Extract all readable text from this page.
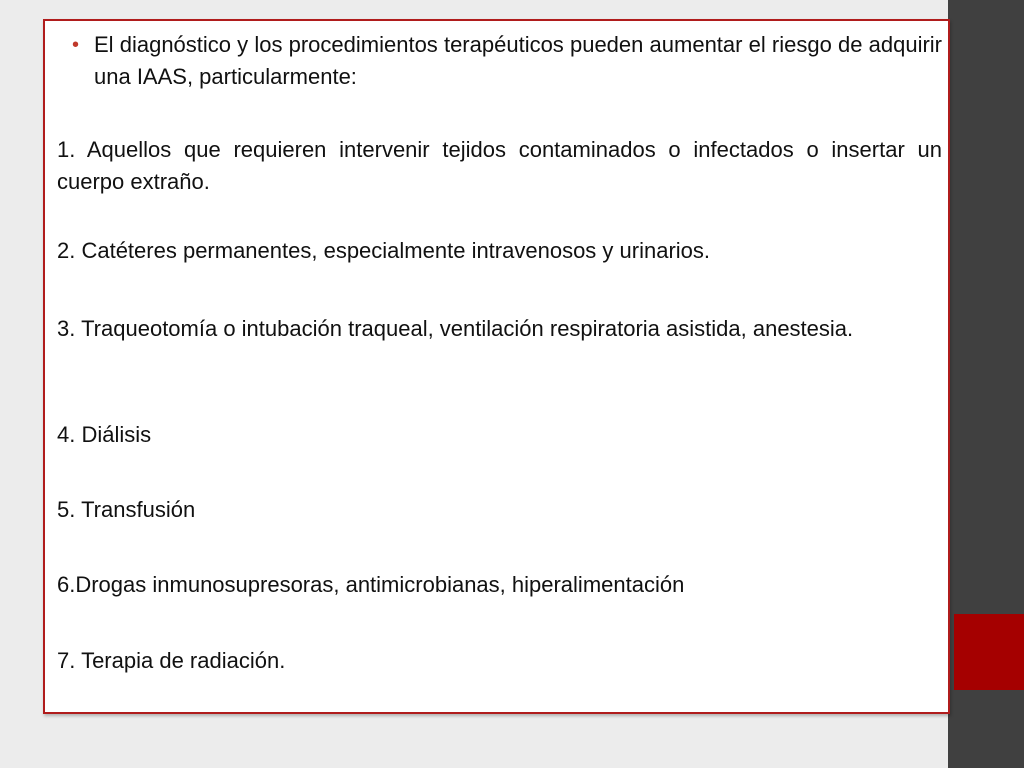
• El diagnóstico y los procedimientos terapéuticos pueden aumentar el riesgo de adquirir una IAAS, particularmente:

1. Aquellos que requieren intervenir tejidos contaminados o infectados o insertar un cuerpo extraño.

2. Catéteres permanentes, especialmente intravenosos y urinarios.

3. Traqueotomía o intubación traqueal, ventilación respiratoria asistida, anestesia.

4. Diálisis

5. Transfusión

6.Drogas inmunosupresoras, antimicrobianas, hiperalimentación

7. Terapia de radiación.
